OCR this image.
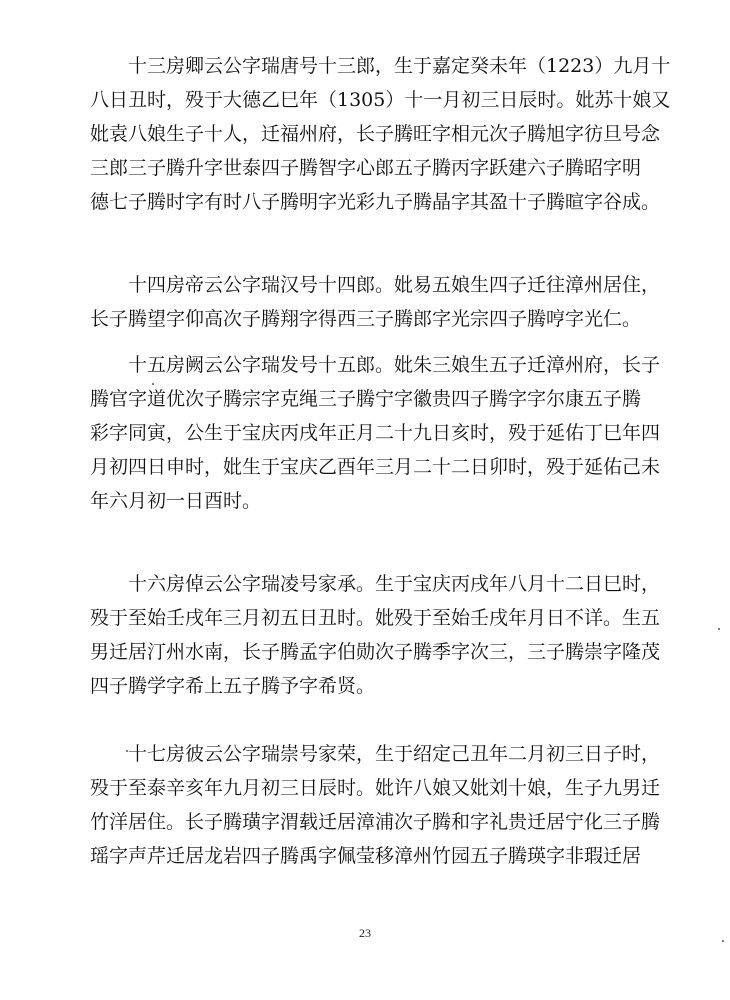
十三房卿云公字瑞唐号十三郎，生于嘉定癸未年（1223）九月十
八日丑时，殁于大德乙巳年（1305）十一月初三日辰时。妣苏十娘又
妣袁八娘生子十人，迁福州府，长子腾旺字相元次子腾旭字彷旦号念
三郎三子腾升字世泰四子腾智字心郎五子腾丙字跃建六子腾昭字明
德七子腾时字有时八子腾明字光彩九子腾晶字其盈十子腾暄字谷成。
十四房帝云公字瑞汉号十四郎。妣易五娘生四子迁往漳州居住，
长子腾望字仰高次子腾翔字得西三子腾郎字光宗四子腾哼字光仁。
十五房阙云公字瑞发号十五郎。妣朱三娘生五子迁漳州府，长子
腾官字道优次子腾宗字克绳三子腾宁字徽贵四子腾字字尔康五子腾
彩字同寅，公生于宝庆丙戌年正月二十九日亥时，殁于延佑丁巳年四
月初四日申时，妣生于宝庆乙酉年三月二十二日卯时，殁于延佑己未
年六月初一日酉时。
十六房倬云公字瑞凌号家承。生于宝庆丙戌年八月十二日巳时，
殁于至始壬戌年三月初五日丑时。妣殁于至始壬戌年月日不详。生五
男迁居汀州水南，长子腾孟字伯勋次子腾季字次三，三子腾崇字隆茂
四子腾学字希上五子腾予字希贤。
十七房彼云公字瑞崇号家荣，生于绍定己丑年二月初三日子时，
殁于至泰辛亥年九月初三日辰时。妣许八娘又妣刘十娘，生子九男迁
竹洋居住。长子腾璜字渭载迁居漳浦次子腾和字礼贵迁居宁化三子腾
瑶字声芹迁居龙岩四子腾禹字佩莹移漳州竹园五子腾瑛字非瑕迁居
23
